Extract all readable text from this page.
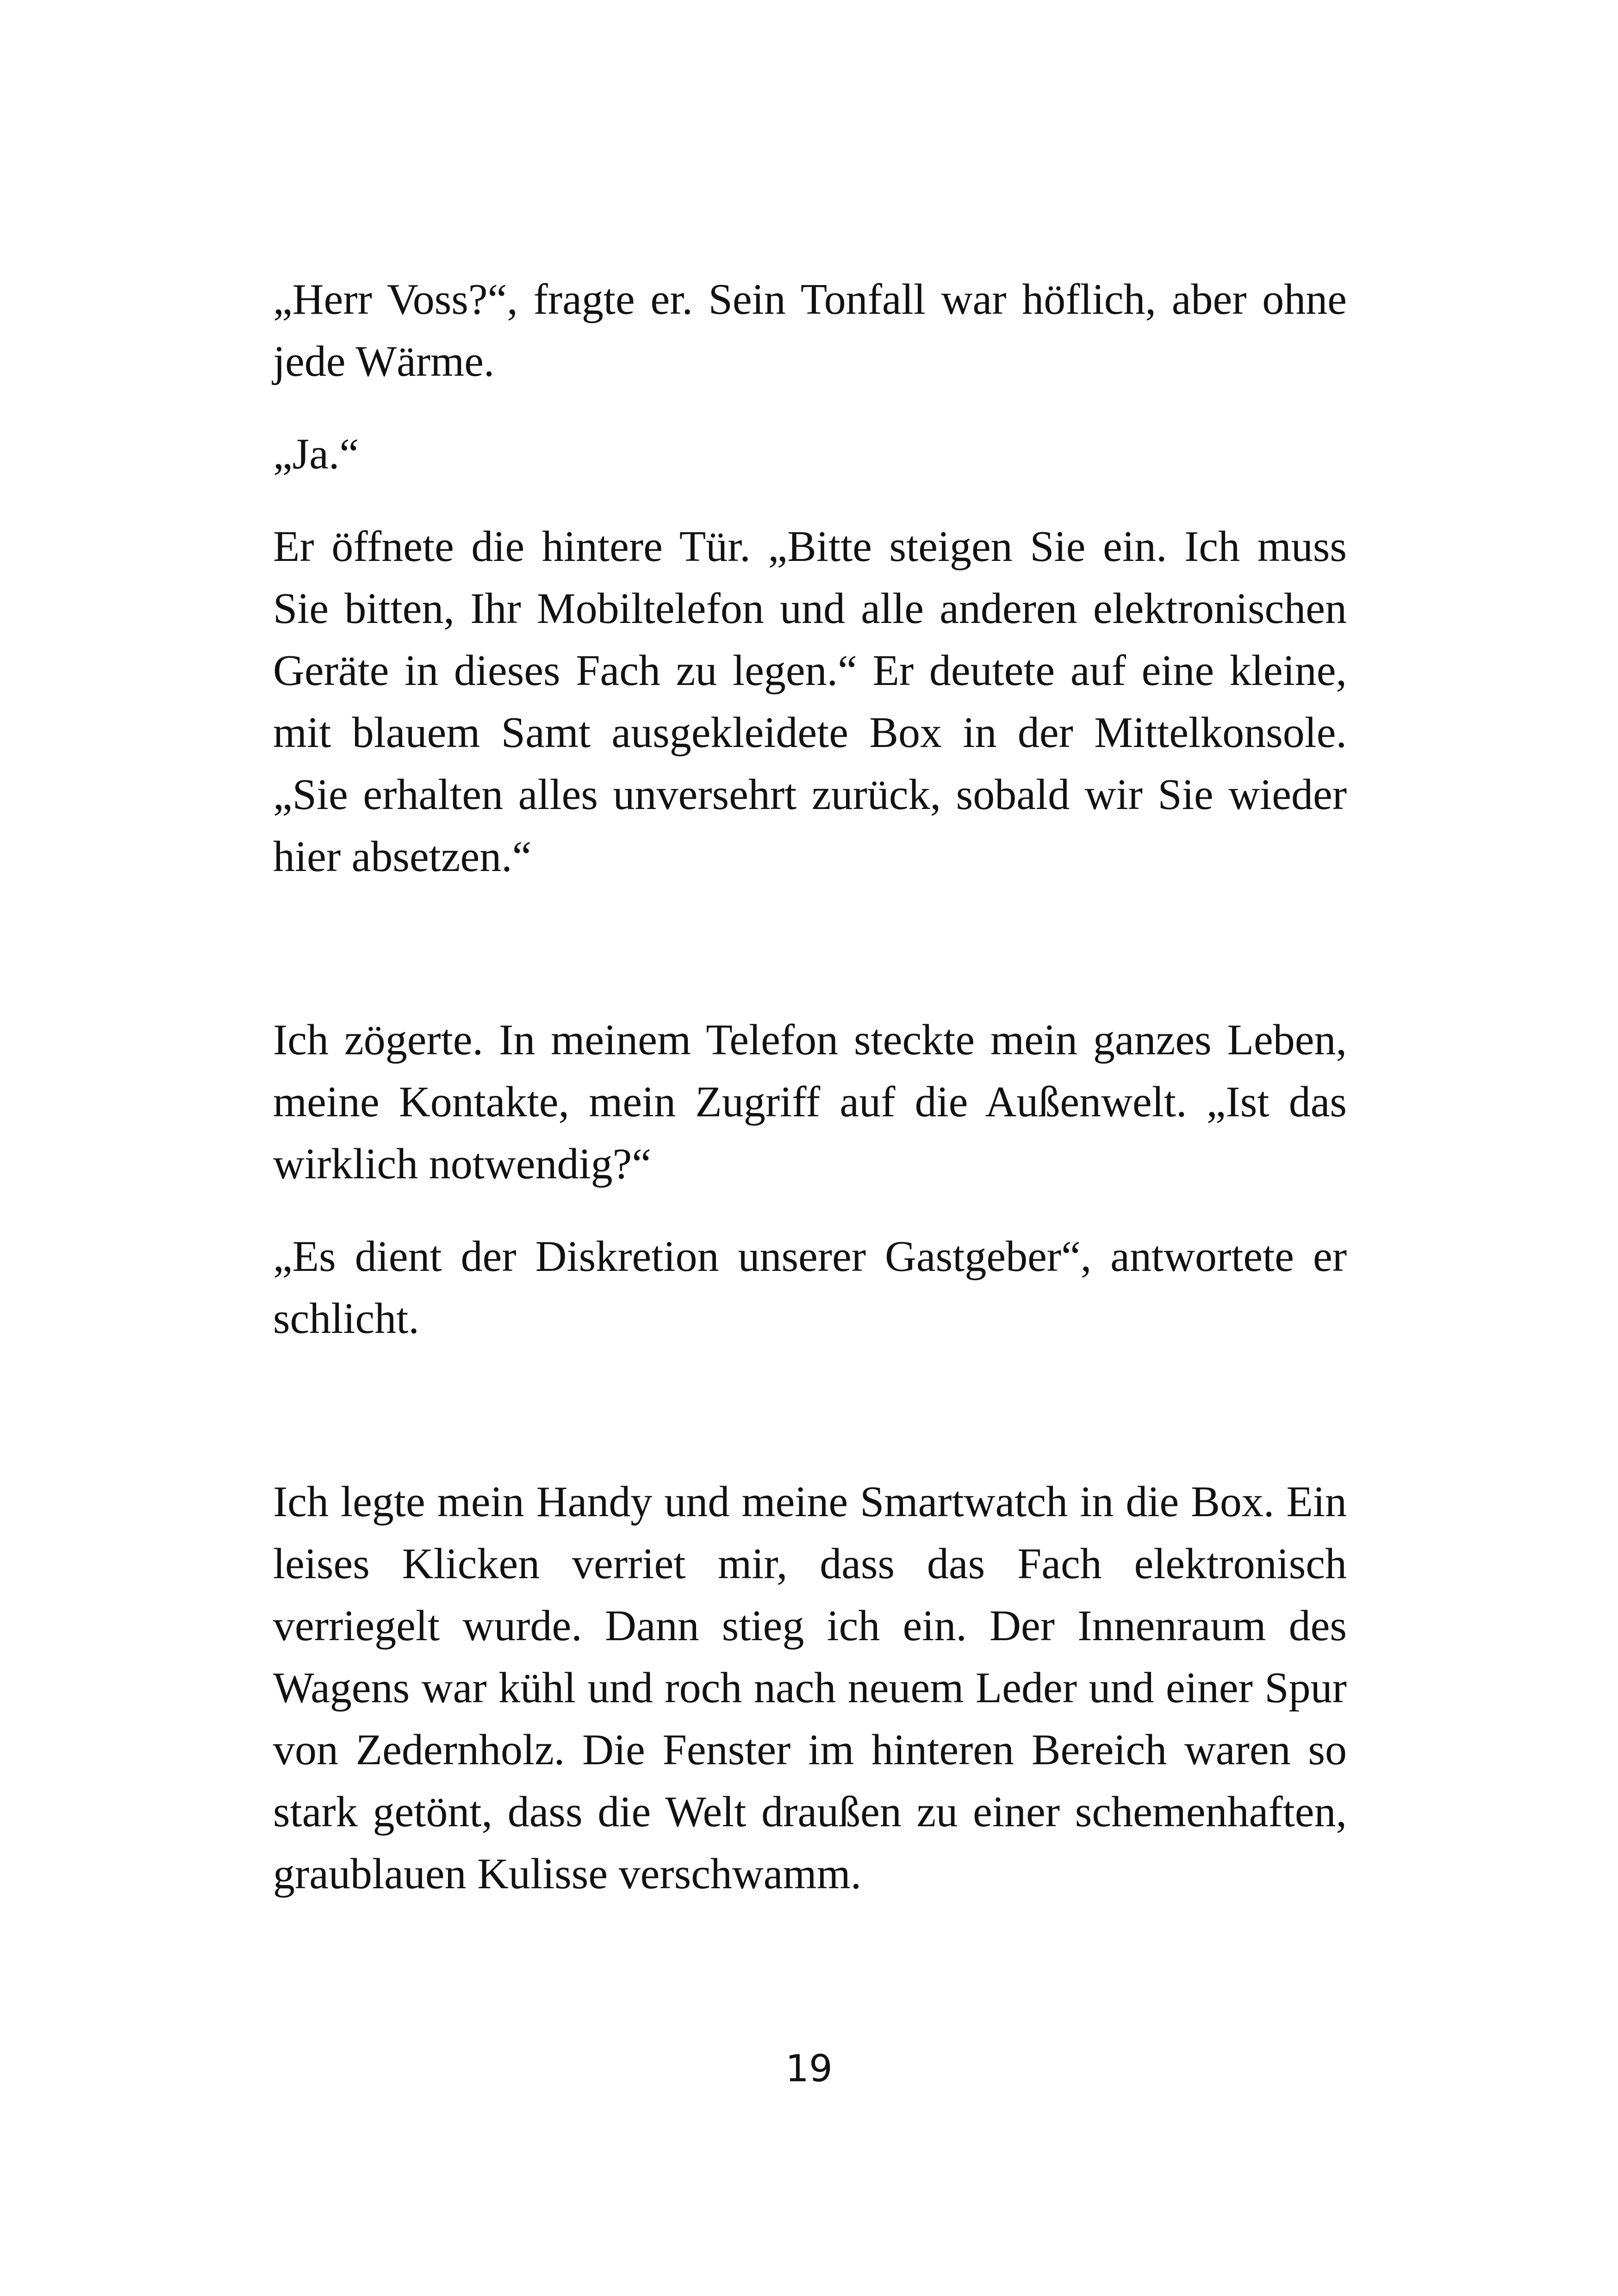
„Herr Voss?“, fragte er. Sein Tonfall war höflich, aber ohne jede Wärme.

„Ja.“

Er öffnete die hintere Tür. „Bitte steigen Sie ein. Ich muss Sie bitten, Ihr Mobiltelefon und alle anderen elektronischen Geräte in dieses Fach zu legen.“ Er deutete auf eine kleine, mit blauem Samt ausgekleidete Box in der Mittelkonsole. „Sie erhalten alles unversehrt zurück, sobald wir Sie wieder hier absetzen.“

Ich zögerte. In meinem Telefon steckte mein ganzes Leben, meine Kontakte, mein Zugriff auf die Außenwelt. „Ist das wirklich notwendig?“

„Es dient der Diskretion unserer Gastgeber“, antwortete er schlicht.

Ich legte mein Handy und meine Smartwatch in die Box. Ein leises Klicken verriet mir, dass das Fach elektronisch verriegelt wurde. Dann stieg ich ein. Der Innenraum des Wagens war kühl und roch nach neuem Leder und einer Spur von Zedernholz. Die Fenster im hinteren Bereich waren so stark getönt, dass die Welt draußen zu einer schemenhaften, graublauen Kulisse verschwamm.

19
